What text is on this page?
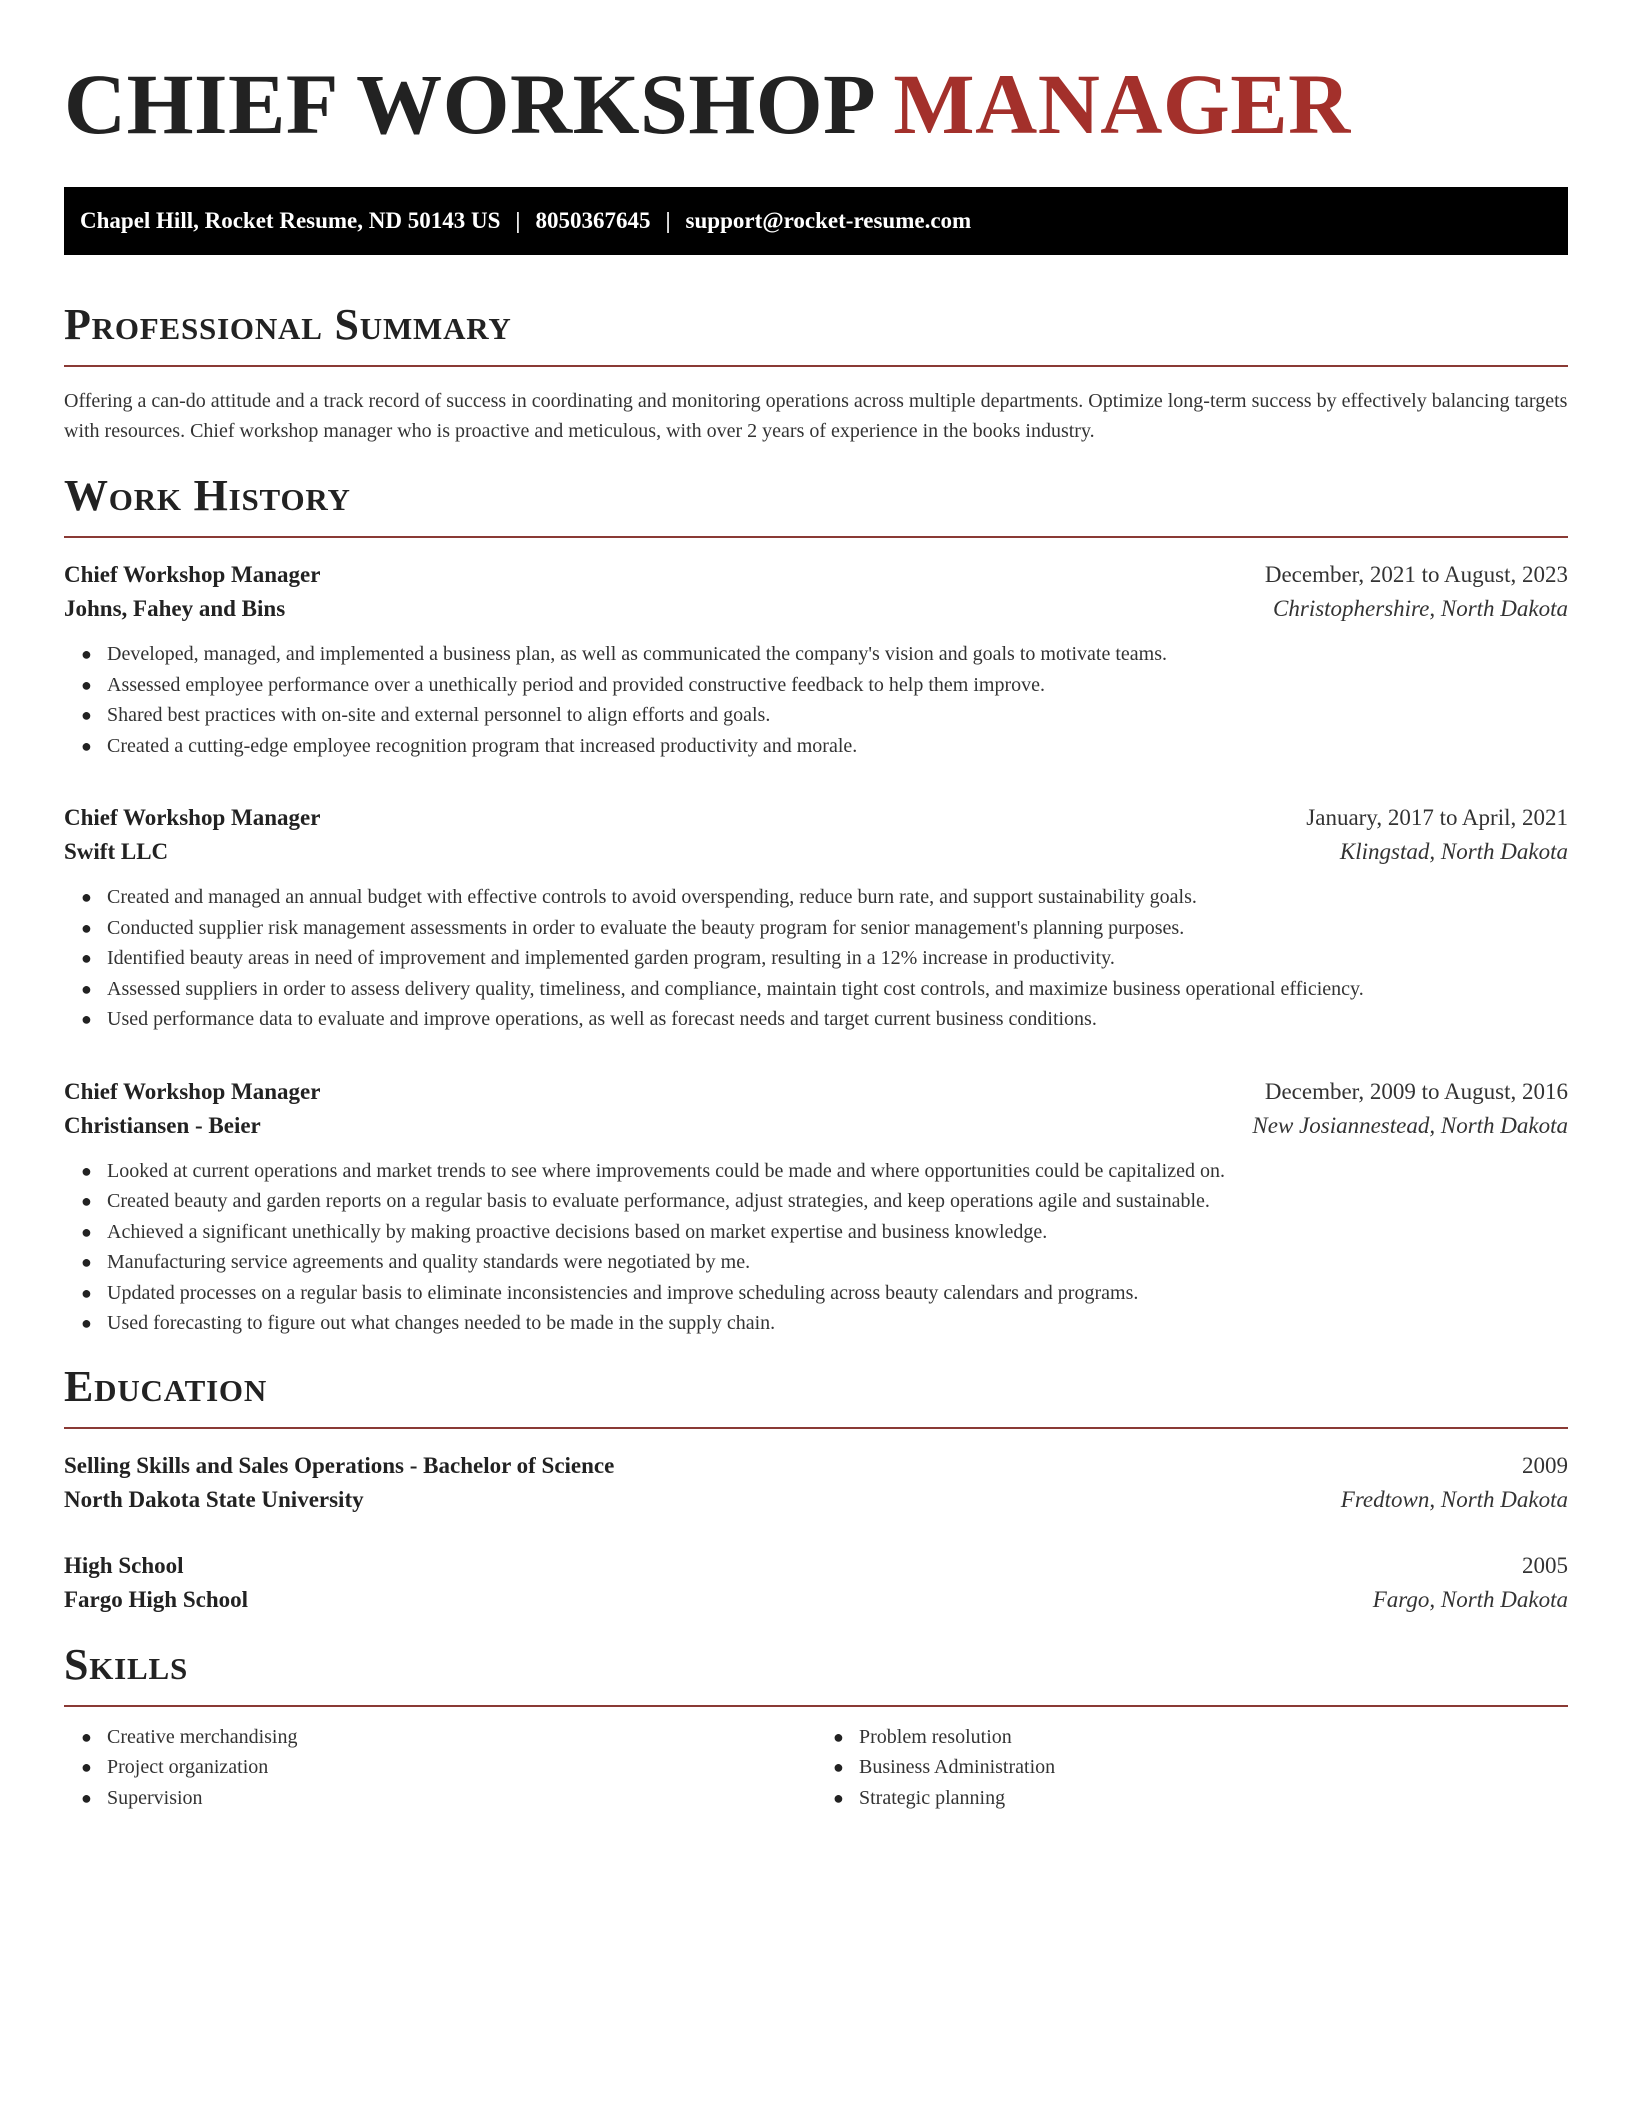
CHIEF WORKSHOP MANAGER
Chapel Hill, Rocket Resume, ND 50143 US | 8050367645 | support@rocket-resume.com
Professional Summary

Offering a can-do attitude and a track record of success in coordinating and monitoring operations across multiple departments. Optimize long-term success by effectively balancing targets with resources. Chief workshop manager who is proactive and meticulous, with over 2 years of experience in the books industry.

Work History
Chief Workshop Manager	December, 2021 to August, 2023
Johns, Fahey and Bins	Christophershire, North Dakota
● Developed, managed, and implemented a business plan, as well as communicated the company's vision and goals to motivate teams.
● Assessed employee performance over a unethically period and provided constructive feedback to help them improve.
● Shared best practices with on-site and external personnel to align efforts and goals.
● Created a cutting-edge employee recognition program that increased productivity and morale.
Chief Workshop Manager	January, 2017 to April, 2021
Swift LLC	Klingstad, North Dakota
● Created and managed an annual budget with effective controls to avoid overspending, reduce burn rate, and support sustainability goals.
● Conducted supplier risk management assessments in order to evaluate the beauty program for senior management's planning purposes.
● Identified beauty areas in need of improvement and implemented garden program, resulting in a 12% increase in productivity.
● Assessed suppliers in order to assess delivery quality, timeliness, and compliance, maintain tight cost controls, and maximize business operational efficiency.
● Used performance data to evaluate and improve operations, as well as forecast needs and target current business conditions.
Chief Workshop Manager	December, 2009 to August, 2016
Christiansen - Beier	New Josiannestead, North Dakota
● Looked at current operations and market trends to see where improvements could be made and where opportunities could be capitalized on.
● Created beauty and garden reports on a regular basis to evaluate performance, adjust strategies, and keep operations agile and sustainable.
● Achieved a significant unethically by making proactive decisions based on market expertise and business knowledge.
● Manufacturing service agreements and quality standards were negotiated by me.
● Updated processes on a regular basis to eliminate inconsistencies and improve scheduling across beauty calendars and programs.
● Used forecasting to figure out what changes needed to be made in the supply chain.
Education
Selling Skills and Sales Operations - Bachelor of Science	2009
North Dakota State University	Fredtown, North Dakota
High School	2005
Fargo High School	Fargo, North Dakota
Skills
● Creative merchandising
● Project organization
● Supervision
● Problem resolution
● Business Administration
● Strategic planning
